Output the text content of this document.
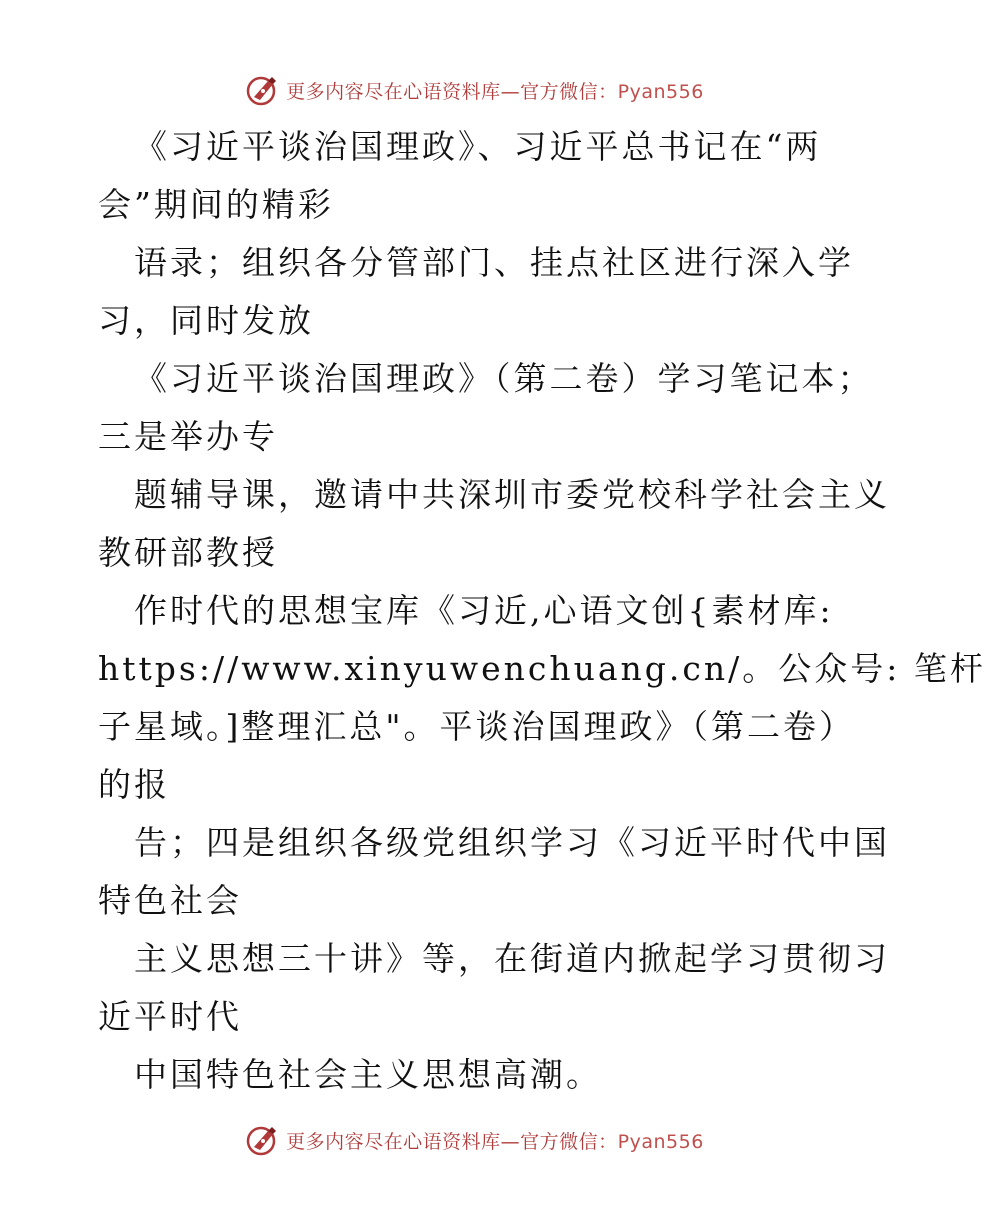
更多内容尽在心语资料库—官方微信：Pyan556
《习近平谈治国理政》、习近平总书记在“两
会”期间的精彩
语录；组织各分管部门、挂点社区进行深入学
习，同时发放
《习近平谈治国理政》（第二卷）学习笔记本；
三是举办专
题辅导课，邀请中共深圳市委党校科学社会主义
教研部教授
作时代的思想宝库《习近,心语文创{素材库:
https://www.xinyuwenchuang.cn/。公众号: 笔杆
子星域。]整理汇总"。平谈治国理政》（第二卷）
的报
告；四是组织各级党组织学习《习近平时代中国
特色社会
主义思想三十讲》等，在街道内掀起学习贯彻习
近平时代
中国特色社会主义思想高潮。
更多内容尽在心语资料库—官方微信：Pyan556
